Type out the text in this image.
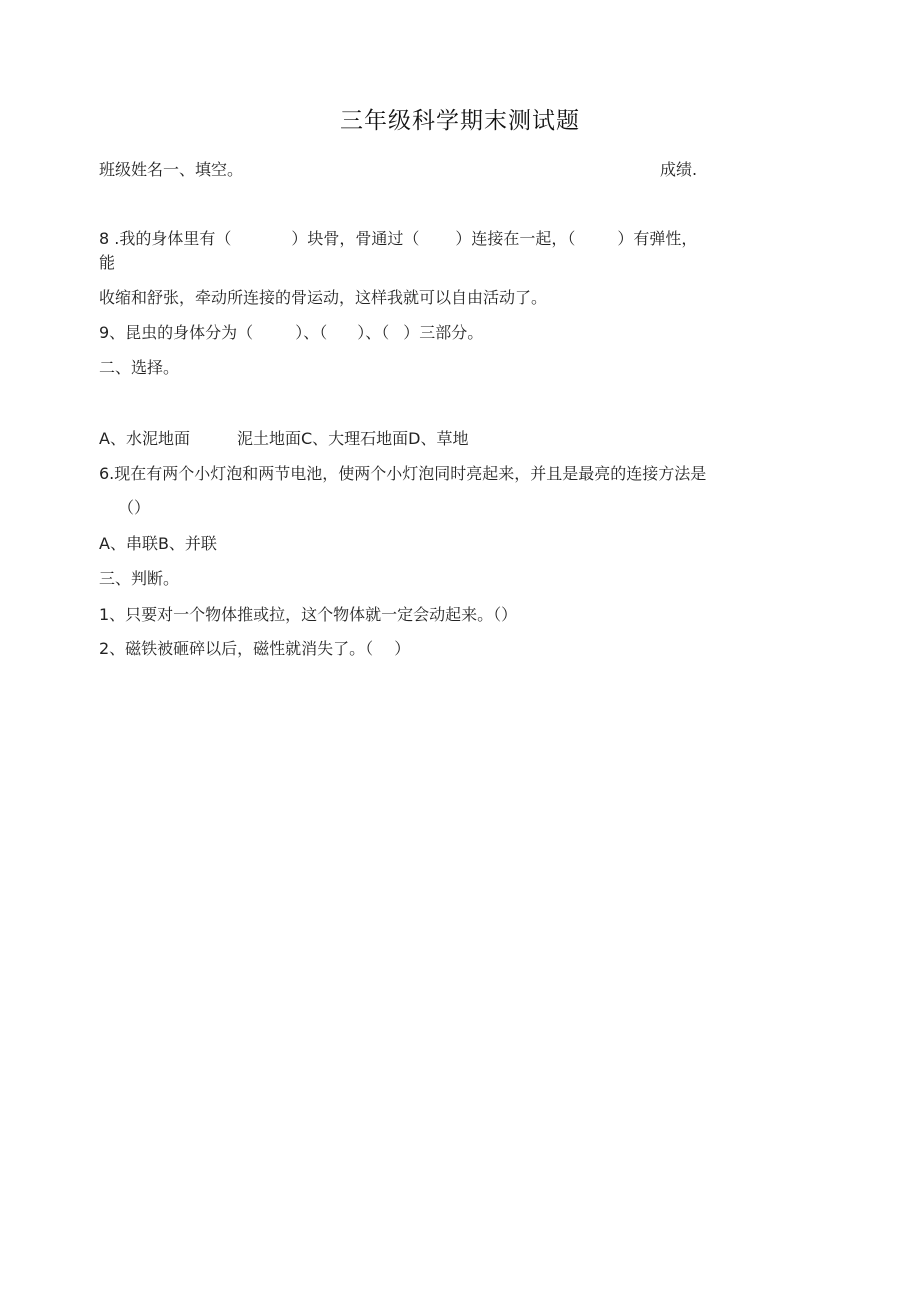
三年级科学期末测试题
班级姓名一、填空。	成绩.
8 .我的身体里有（	）块骨，骨通过（ ）连接在一起，（	）有弹性，
能
收缩和舒张，牵动所连接的骨运动，这样我就可以自由活动了。
9、昆虫的身体分为（	）、（ ）、（ ）三部分。
二、选择。
A、水泥地面	泥土地面C、大理石地面D、草地
6.现在有两个小灯泡和两节电池，使两个小灯泡同时亮起来，并且是最亮的连接方法是
（）
A、串联B、并联
三、判断。
1、只要对一个物体推或拉，这个物体就一定会动起来。（）
2、磁铁被砸碎以后，磁性就消失了。（　 ）
